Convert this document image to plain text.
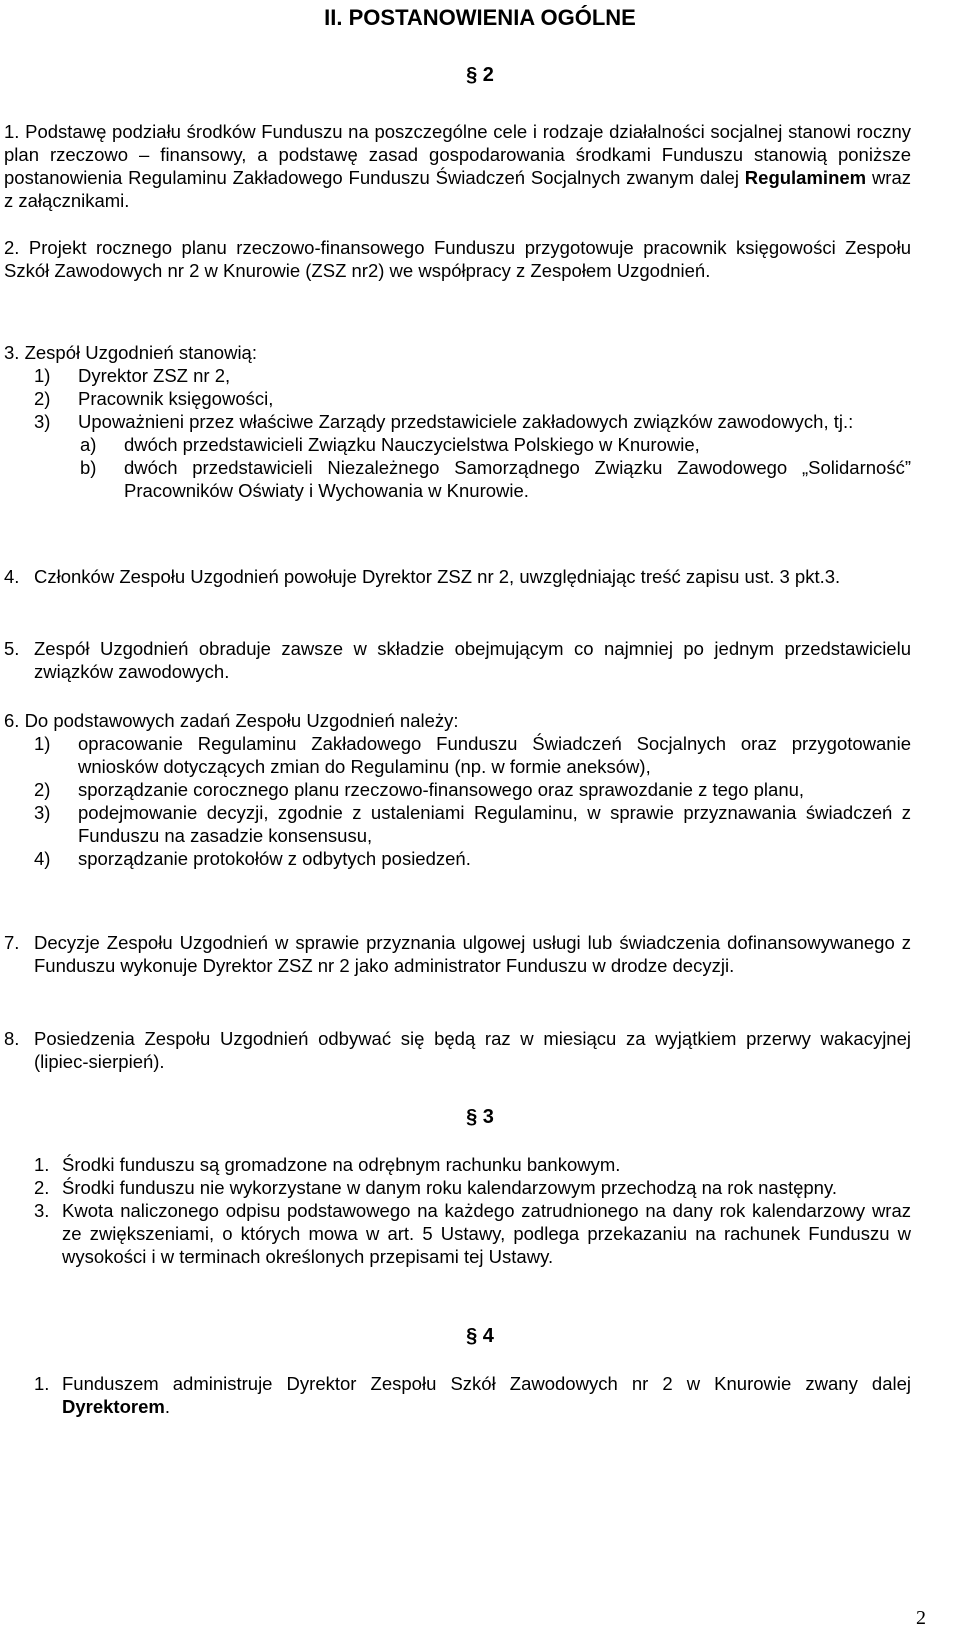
II. POSTANOWIENIA OGÓLNE
§ 2

1. Podstawę podziału środków Funduszu na poszczególne cele i rodzaje działalności socjalnej stanowi roczny plan rzeczowo – finansowy, a podstawę zasad gospodarowania środkami Funduszu stanowią poniższe postanowienia Regulaminu Zakładowego Funduszu Świadczeń Socjalnych zwanym dalej Regulaminem wraz z załącznikami.

2. Projekt rocznego planu rzeczowo-finansowego Funduszu przygotowuje pracownik księgowości Zespołu Szkół Zawodowych nr 2 w Knurowie (ZSZ nr2) we współpracy z Zespołem Uzgodnień.

3. Zespół Uzgodnień stanowią:

1)	Dyrektor ZSZ nr 2,
2)	Pracownik księgowości,
3)	Upoważnieni przez właściwe Zarządy przedstawiciele zakładowych związków zawodowych, tj.:
a)	dwóch przedstawicieli Związku Nauczycielstwa Polskiego w Knurowie,
b)	dwóch przedstawicieli Niezależnego Samorządnego Związku Zawodowego „Solidarność” Pracowników Oświaty i Wychowania w Knurowie.
4. Członków Zespołu Uzgodnień powołuje Dyrektor ZSZ nr 2, uwzględniając treść zapisu ust. 3 pkt.3.
5. Zespół Uzgodnień obraduje zawsze w składzie obejmującym co najmniej po jednym przedstawicielu związków zawodowych.

6. Do podstawowych zadań Zespołu Uzgodnień należy:

1)	opracowanie Regulaminu Zakładowego Funduszu Świadczeń Socjalnych oraz przygotowanie wniosków dotyczących zmian do Regulaminu (np. w formie aneksów),
2)	sporządzanie corocznego planu rzeczowo-finansowego oraz sprawozdanie z tego planu,
3)	podejmowanie decyzji, zgodnie z ustaleniami Regulaminu, w sprawie przyznawania świadczeń z Funduszu na zasadzie konsensusu,
4)	sporządzanie protokołów z odbytych posiedzeń.
7. Decyzje Zespołu Uzgodnień w sprawie przyznania ulgowej usługi lub świadczenia dofinansowywanego z Funduszu wykonuje Dyrektor ZSZ nr 2 jako administrator Funduszu w drodze decyzji.
8. Posiedzenia Zespołu Uzgodnień odbywać się będą raz w miesiącu za wyjątkiem przerwy wakacyjnej (lipiec-sierpień).
§ 3
1. Środki funduszu są gromadzone na odrębnym rachunku bankowym.
2. Środki funduszu nie wykorzystane w danym roku kalendarzowym przechodzą na rok następny.
3. Kwota naliczonego odpisu podstawowego na każdego zatrudnionego na dany rok kalendarzowy wraz ze zwiększeniami, o których mowa w art. 5 Ustawy, podlega przekazaniu na rachunek Funduszu w wysokości i w terminach określonych przepisami tej Ustawy.
§ 4
1. Funduszem administruje Dyrektor Zespołu Szkół Zawodowych nr 2 w Knurowie zwany dalej Dyrektorem.
2
